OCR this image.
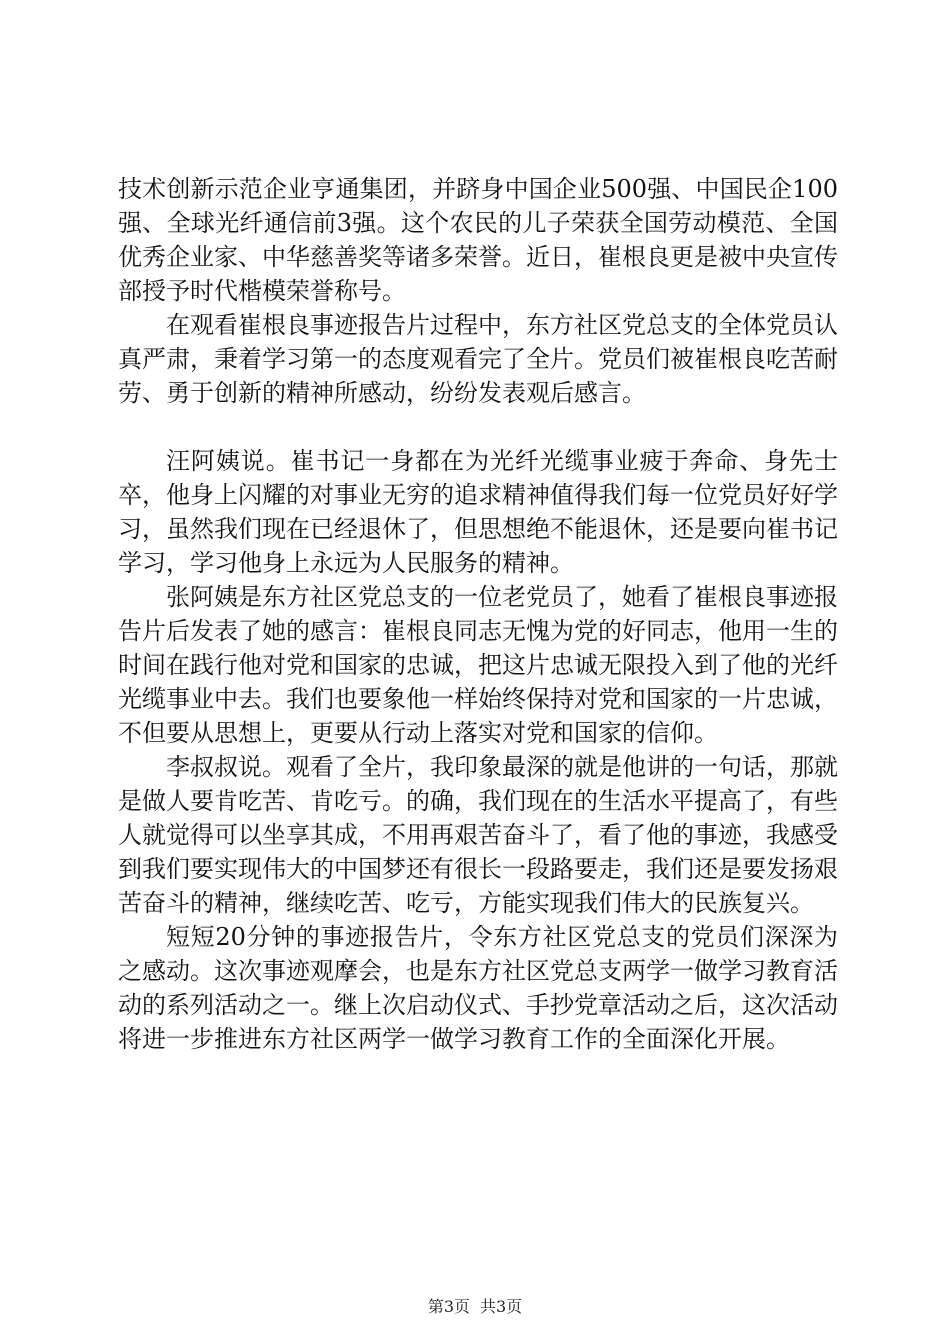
技术创新示范企业亨通集团，并跻身中国企业500强、中国民企100强、全球光纤通信前3强。这个农民的儿子荣获全国劳动模范、全国优秀企业家、中华慈善奖等诸多荣誉。近日，崔根良更是被中央宣传部授予时代楷模荣誉称号。

在观看崔根良事迹报告片过程中，东方社区党总支的全体党员认真严肃，秉着学习第一的态度观看完了全片。党员们被崔根良吃苦耐劳、勇于创新的精神所感动，纷纷发表观后感言。

汪阿姨说。崔书记一身都在为光纤光缆事业疲于奔命、身先士卒，他身上闪耀的对事业无穷的追求精神值得我们每一位党员好好学习，虽然我们现在已经退休了，但思想绝不能退休，还是要向崔书记学习，学习他身上永远为人民服务的精神。

张阿姨是东方社区党总支的一位老党员了，她看了崔根良事迹报告片后发表了她的感言：崔根良同志无愧为党的好同志，他用一生的时间在践行他对党和国家的忠诚，把这片忠诚无限投入到了他的光纤光缆事业中去。我们也要象他一样始终保持对党和国家的一片忠诚，不但要从思想上，更要从行动上落实对党和国家的信仰。

李叔叔说。观看了全片，我印象最深的就是他讲的一句话，那就是做人要肯吃苦、肯吃亏。的确，我们现在的生活水平提高了，有些人就觉得可以坐享其成，不用再艰苦奋斗了，看了他的事迹，我感受到我们要实现伟大的中国梦还有很长一段路要走，我们还是要发扬艰苦奋斗的精神，继续吃苦、吃亏，方能实现我们伟大的民族复兴。

短短20分钟的事迹报告片，令东方社区党总支的党员们深深为之感动。这次事迹观摩会，也是东方社区党总支两学一做学习教育活动的系列活动之一。继上次启动仪式、手抄党章活动之后，这次活动将进一步推进东方社区两学一做学习教育工作的全面深化开展。

第3页 共3页
